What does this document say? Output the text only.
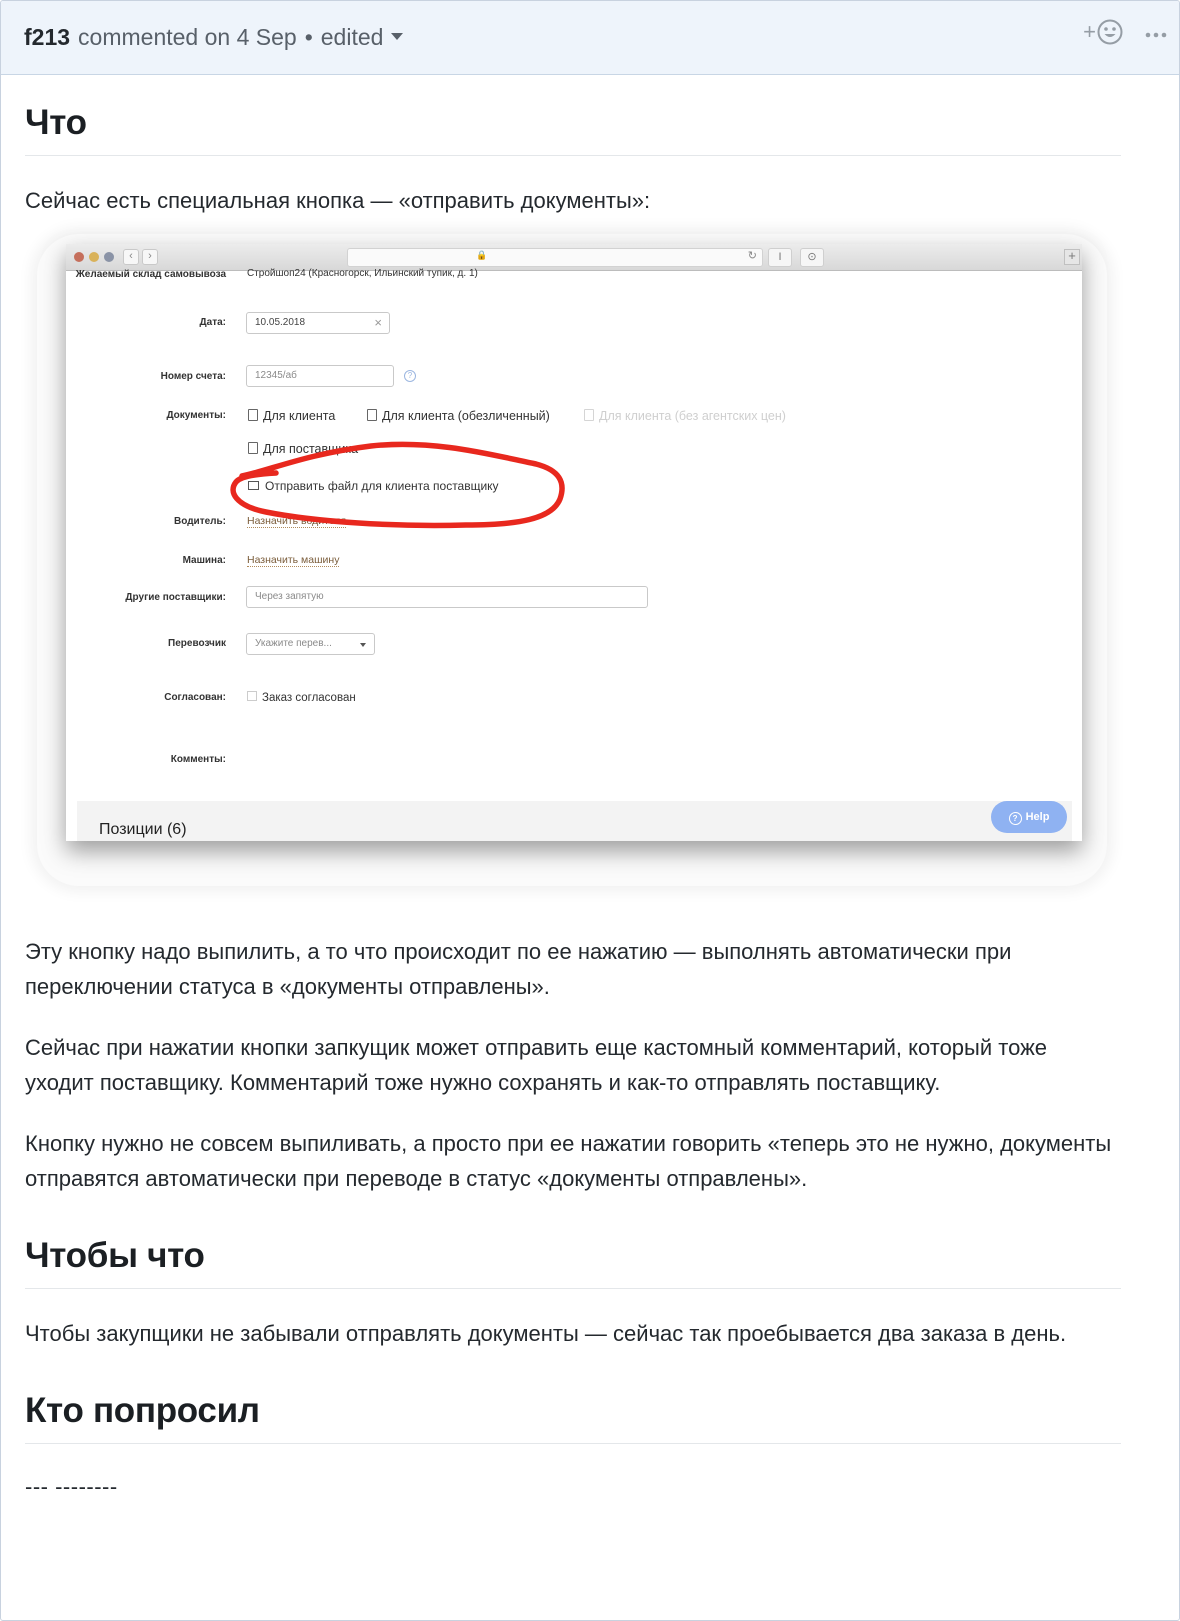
f213 commented on
4 Sep • edited	+
Что

Сейчас есть специальная кнопка — «отправить документы»:

‹	›	🔒	↻	I	⊙	+
Желаемый склад самовывоза Стройшоп24 (Красногорск, Ильинский тупик, д. 1)
Дата:	10.05.2018	×
Номер счета:	12345/аб	?
Документы:	Для клиента	Для клиента (обезличенный)	Для клиента (без агентских цен)
Для поставщика
Отправить файл для клиента поставщику
Водитель: Назначить водителя
Машина: Назначить машину
Другие поставщики:	Через запятую
Перевозчик	Укажите перев...
Согласован:	Заказ согласован
Комменты:
Позиции (6)
? Help

Эту кнопку надо выпилить, а то что происходит по ее нажатию — выполнять автоматически при переключении статуса в «документы отправлены».

Сейчас при нажатии кнопки запкущик может отправить еще кастомный комментарий, который тоже уходит поставщику. Комментарий тоже нужно сохранять и как-то отправлять поставщику.

Кнопку нужно не совсем выпиливать, а просто при ее нажатии говорить «теперь это не нужно, документы отправятся автоматически при переводе в статус «документы отправлены».

Чтобы что

Чтобы закупщики не забывали отправлять документы — сейчас так проебывается два заказа в день.

Кто попросил

--- --------
